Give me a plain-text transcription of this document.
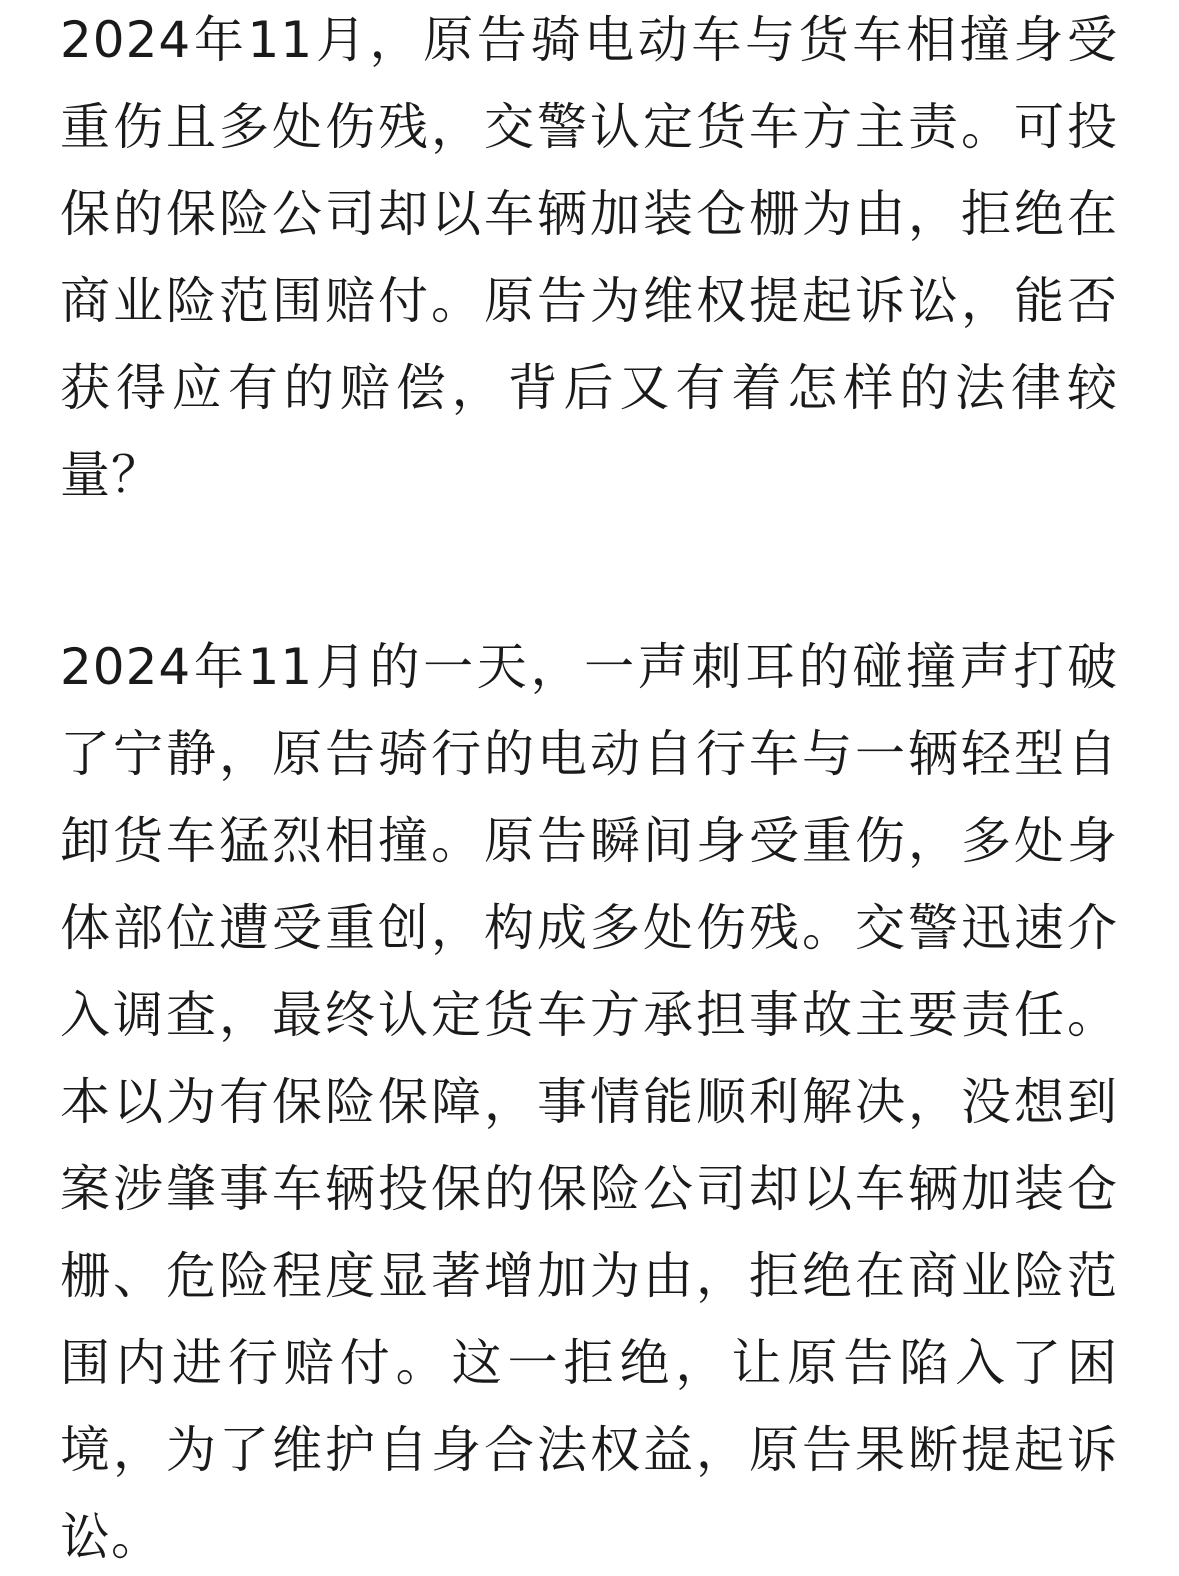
2024年11月，原告骑电动车与货车相撞身受重伤且多处伤残，交警认定货车方主责。可投保的保险公司却以车辆加装仓栅为由，拒绝在商业险范围赔付。原告为维权提起诉讼，能否获得应有的赔偿，背后又有着怎样的法律较量？

2024年11月的一天，一声刺耳的碰撞声打破了宁静，原告骑行的电动自行车与一辆轻型自卸货车猛烈相撞。原告瞬间身受重伤，多处身体部位遭受重创，构成多处伤残。交警迅速介入调查，最终认定货车方承担事故主要责任。本以为有保险保障，事情能顺利解决，没想到案涉肇事车辆投保的保险公司却以车辆加装仓栅、危险程度显著增加为由，拒绝在商业险范围内进行赔付。这一拒绝，让原告陷入了困境，为了维护自身合法权益，原告果断提起诉讼。
